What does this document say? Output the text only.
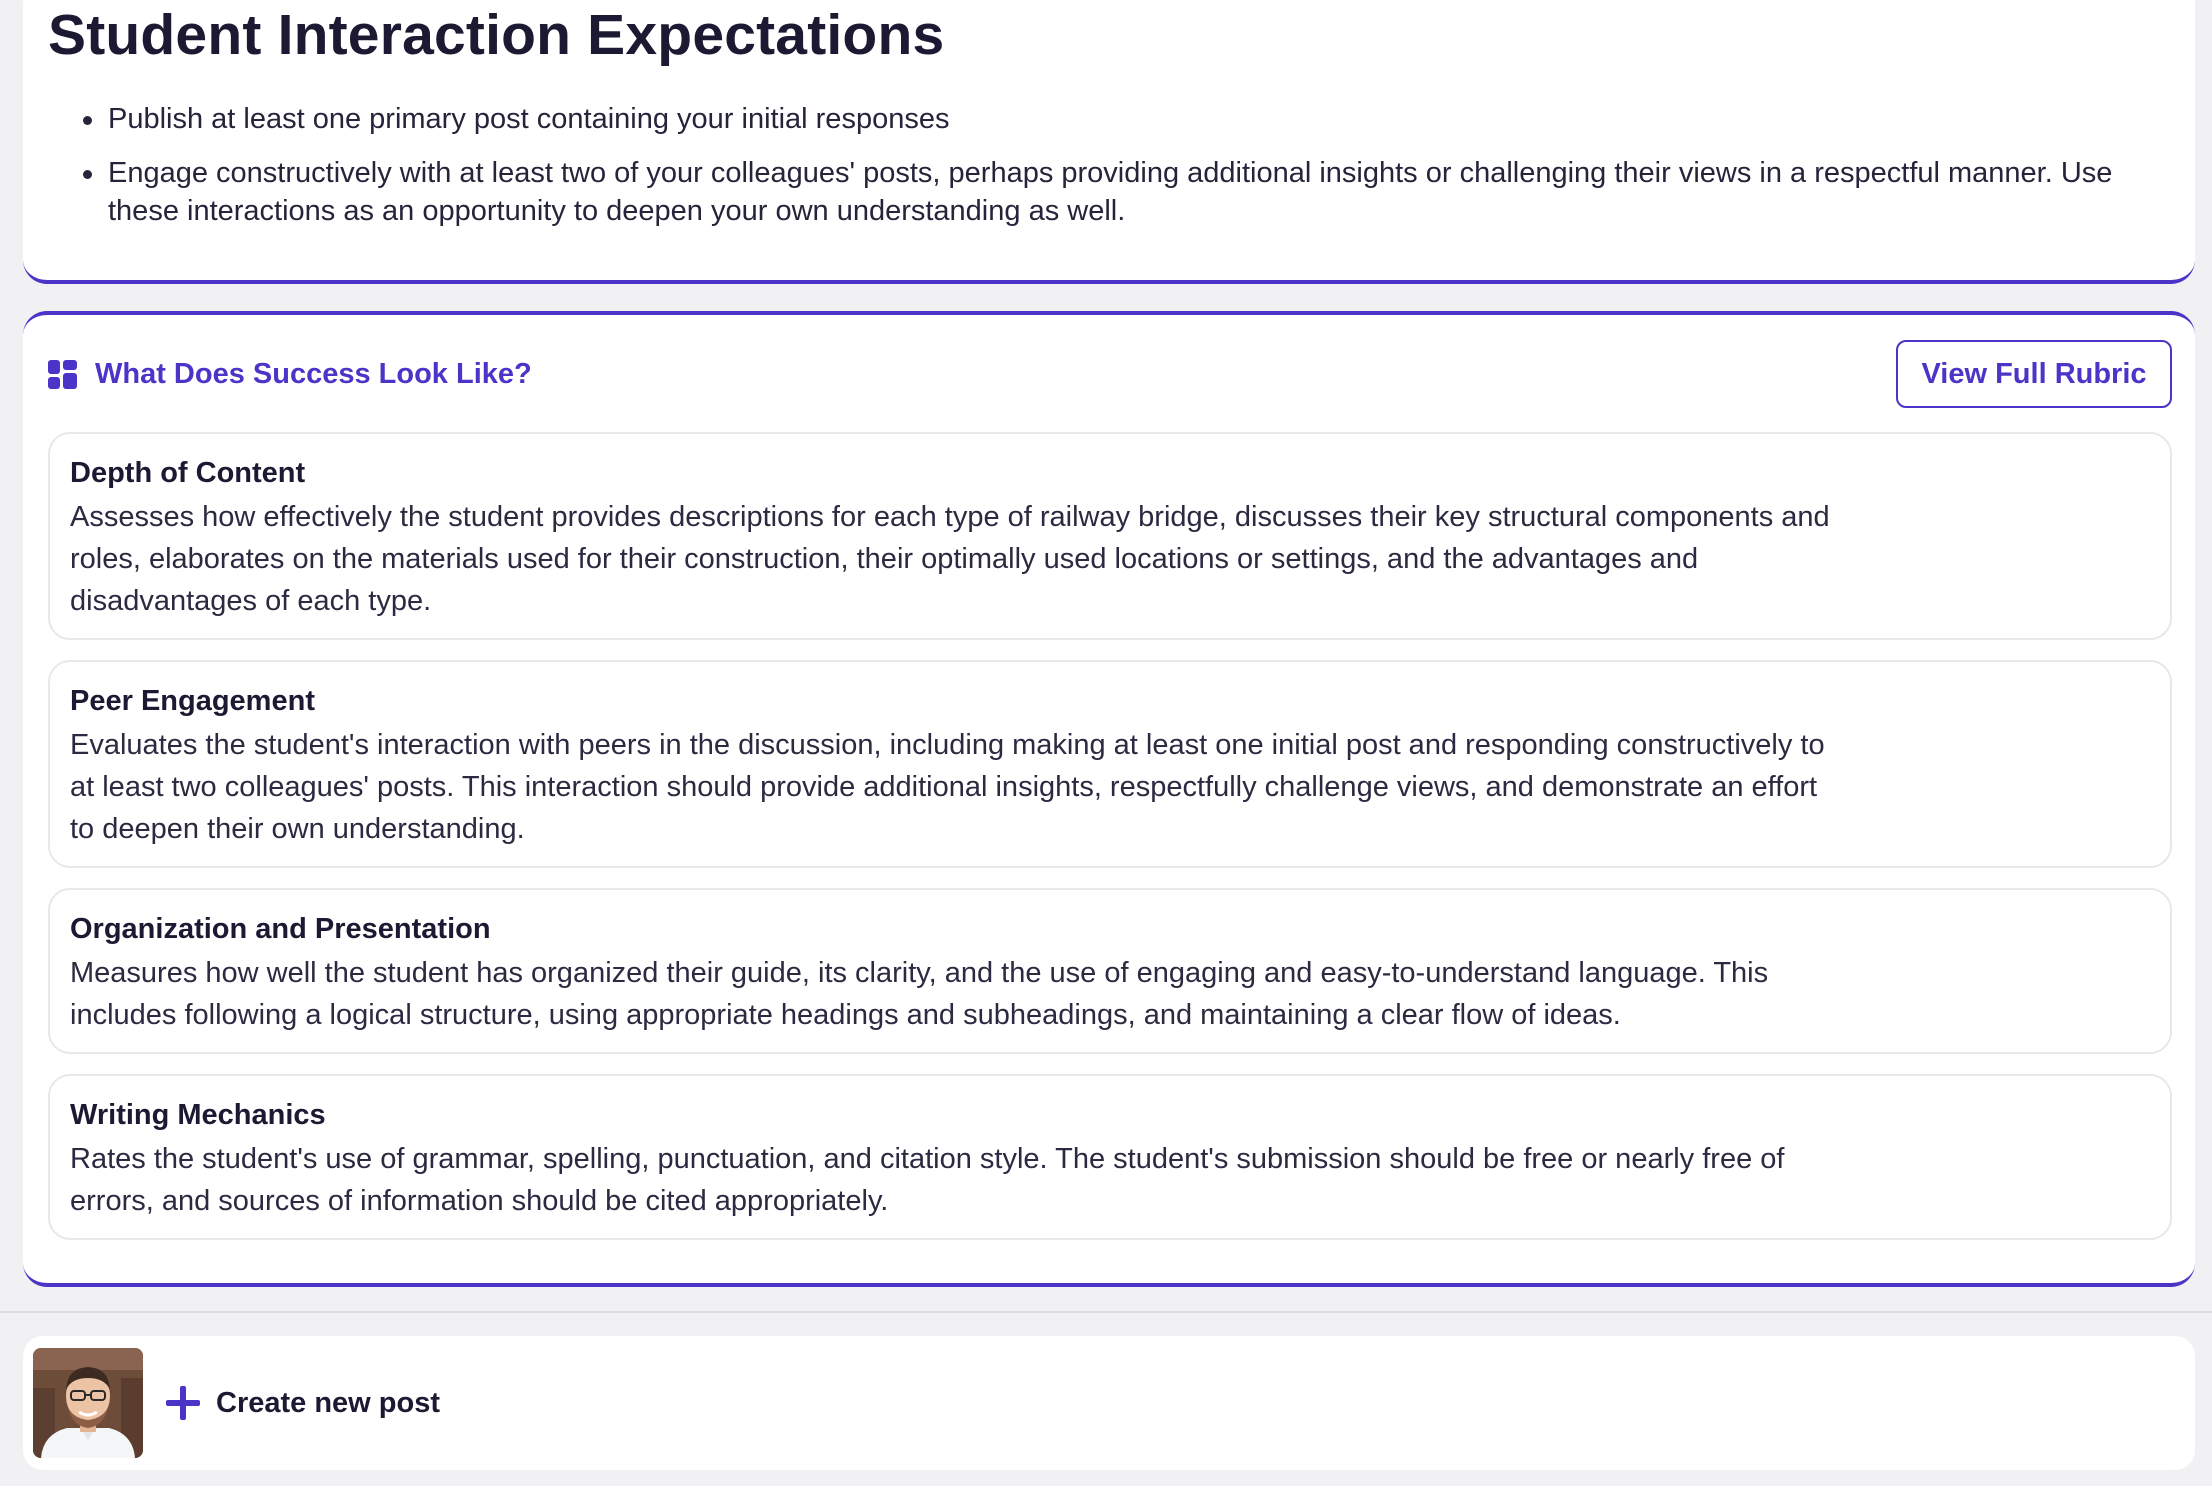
Student Interaction Expectations
Publish at least one primary post containing your initial responses
Engage constructively with at least two of your colleagues' posts, perhaps providing additional insights or challenging their views in a respectful manner. Use these interactions as an opportunity to deepen your own understanding as well.
What Does Success Look Like?	View Full Rubric
Depth of Content

Assesses how effectively the student provides descriptions for each type of railway bridge, discusses their key structural components and roles, elaborates on the materials used for their construction, their optimally used locations or settings, and the advantages and disadvantages of each type.

Peer Engagement

Evaluates the student's interaction with peers in the discussion, including making at least one initial post and responding constructively to at least two colleagues' posts. This interaction should provide additional insights, respectfully challenge views, and demonstrate an effort to deepen their own understanding.

Organization and Presentation

Measures how well the student has organized their guide, its clarity, and the use of engaging and easy-to-understand language. This includes following a logical structure, using appropriate headings and subheadings, and maintaining a clear flow of ideas.

Writing Mechanics

Rates the student's use of grammar, spelling, punctuation, and citation style. The student's submission should be free or nearly free of errors, and sources of information should be cited appropriately.

Create new post
